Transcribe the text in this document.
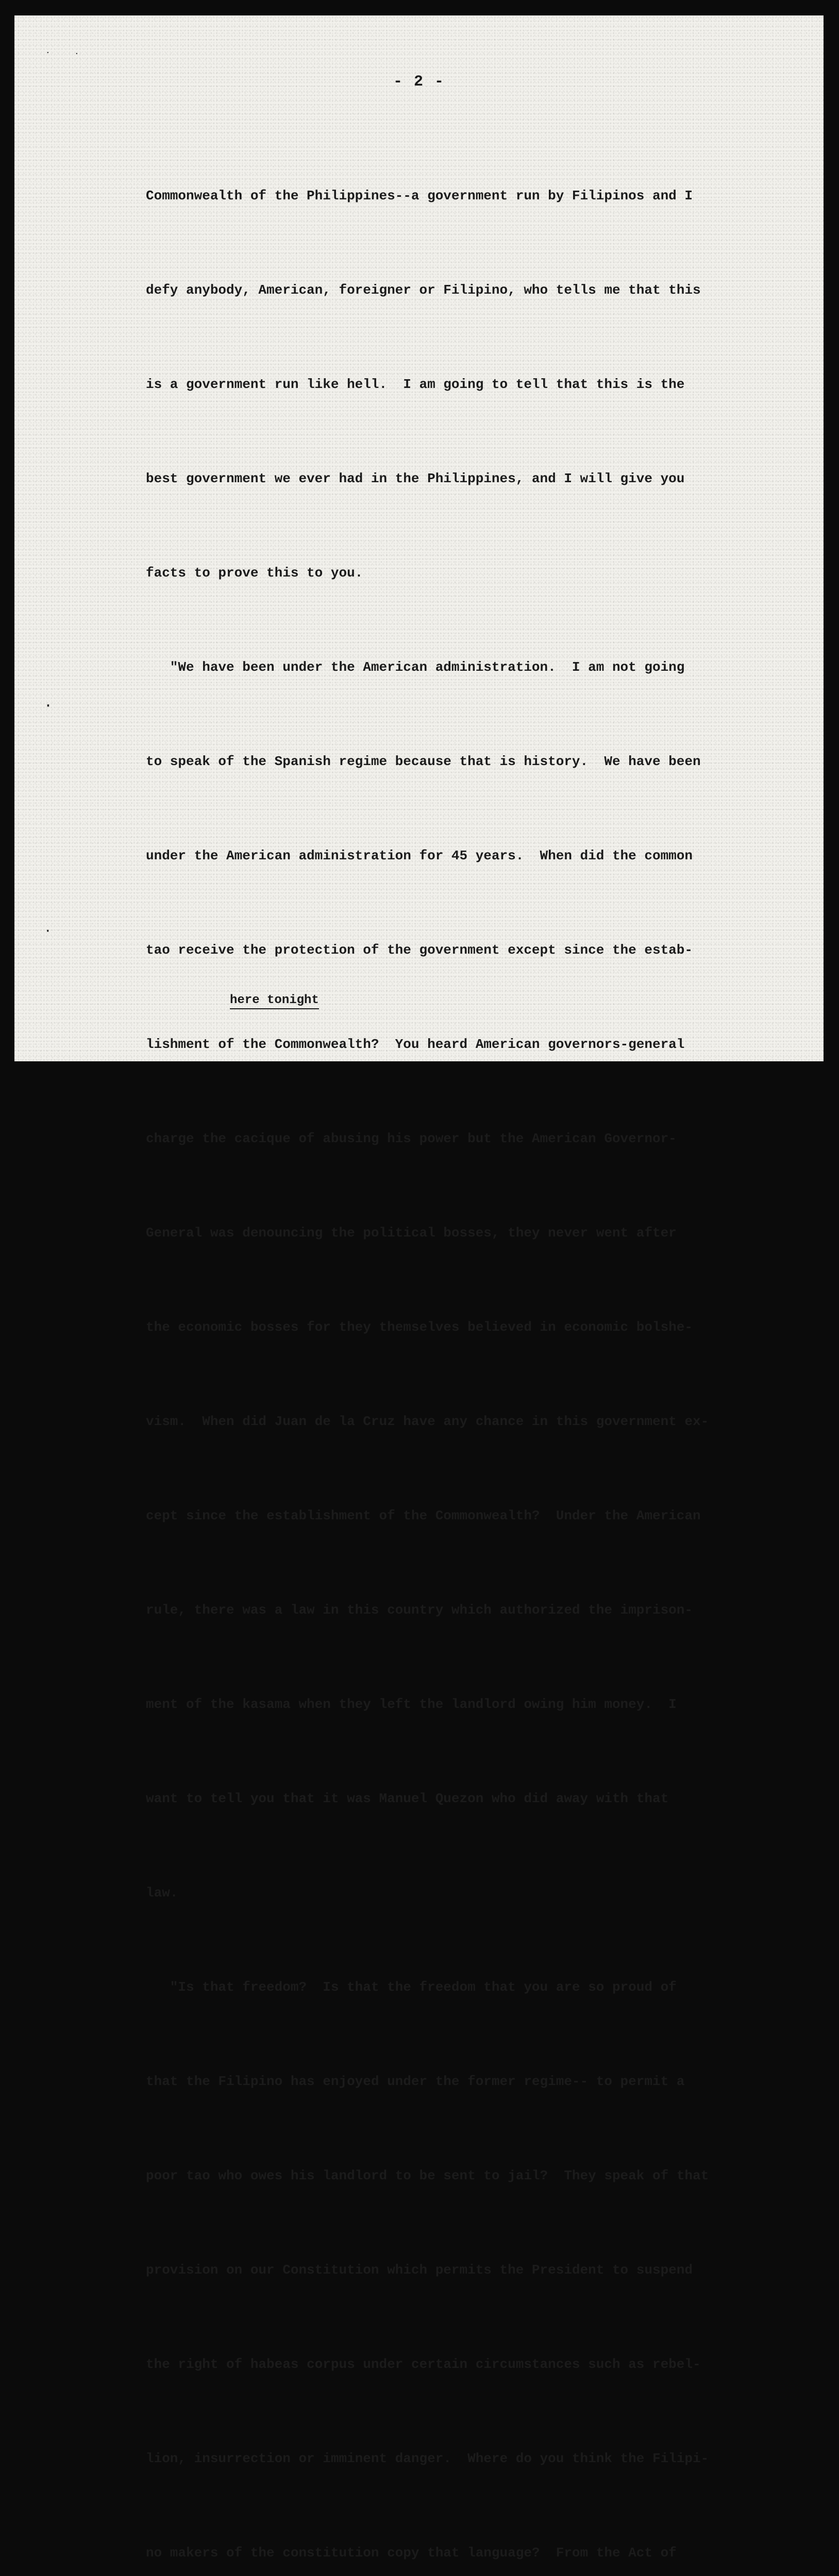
·	·
·
·
- 2 -
here tonight

Commonwealth of the Philippines--a government run by Filipinos and I

defy anybody, American, foreigner or Filipino, who tells me that this

is a government run like hell.  I am going to tell that this is the

best government we ever had in the Philippines, and I will give you

facts to prove this to you.

"We have been under the American administration.  I am not going

to speak of the Spanish regime because that is history.  We have been

under the American administration for 45 years.  When did the common

tao receive the protection of the government except since the estab-

lishment of the Commonwealth?  You heard American governors-general

charge the cacique of abusing his power but the American Governor-

General was denouncing the political bosses, they never went after

the economic bosses for they themselves believed in economic bolshe-

vism.  When did Juan de la Cruz have any chance in this government ex-

cept since the establishment of the Commonwealth?  Under the American

rule, there was a law in this country which authorized the imprison-

ment of the kasama when they left the landlord owing him money.  I

want to tell you that it was Manuel Quezon who did away with that

law.

"Is that freedom?  Is that the freedom that you are so proud of

that the Filipino has enjoyed under the former regime-- to permit a

poor tao who owes his landlord to be sent to jail?  They speak of that

provision on our Constitution which permits the President to suspend

the right of habeas corpus under certain circumstances such as rebel-

lion, insurrection or imminent danger.  Where do you think the Filipi-

no makers of the constitution copy that language?  From the Act of
